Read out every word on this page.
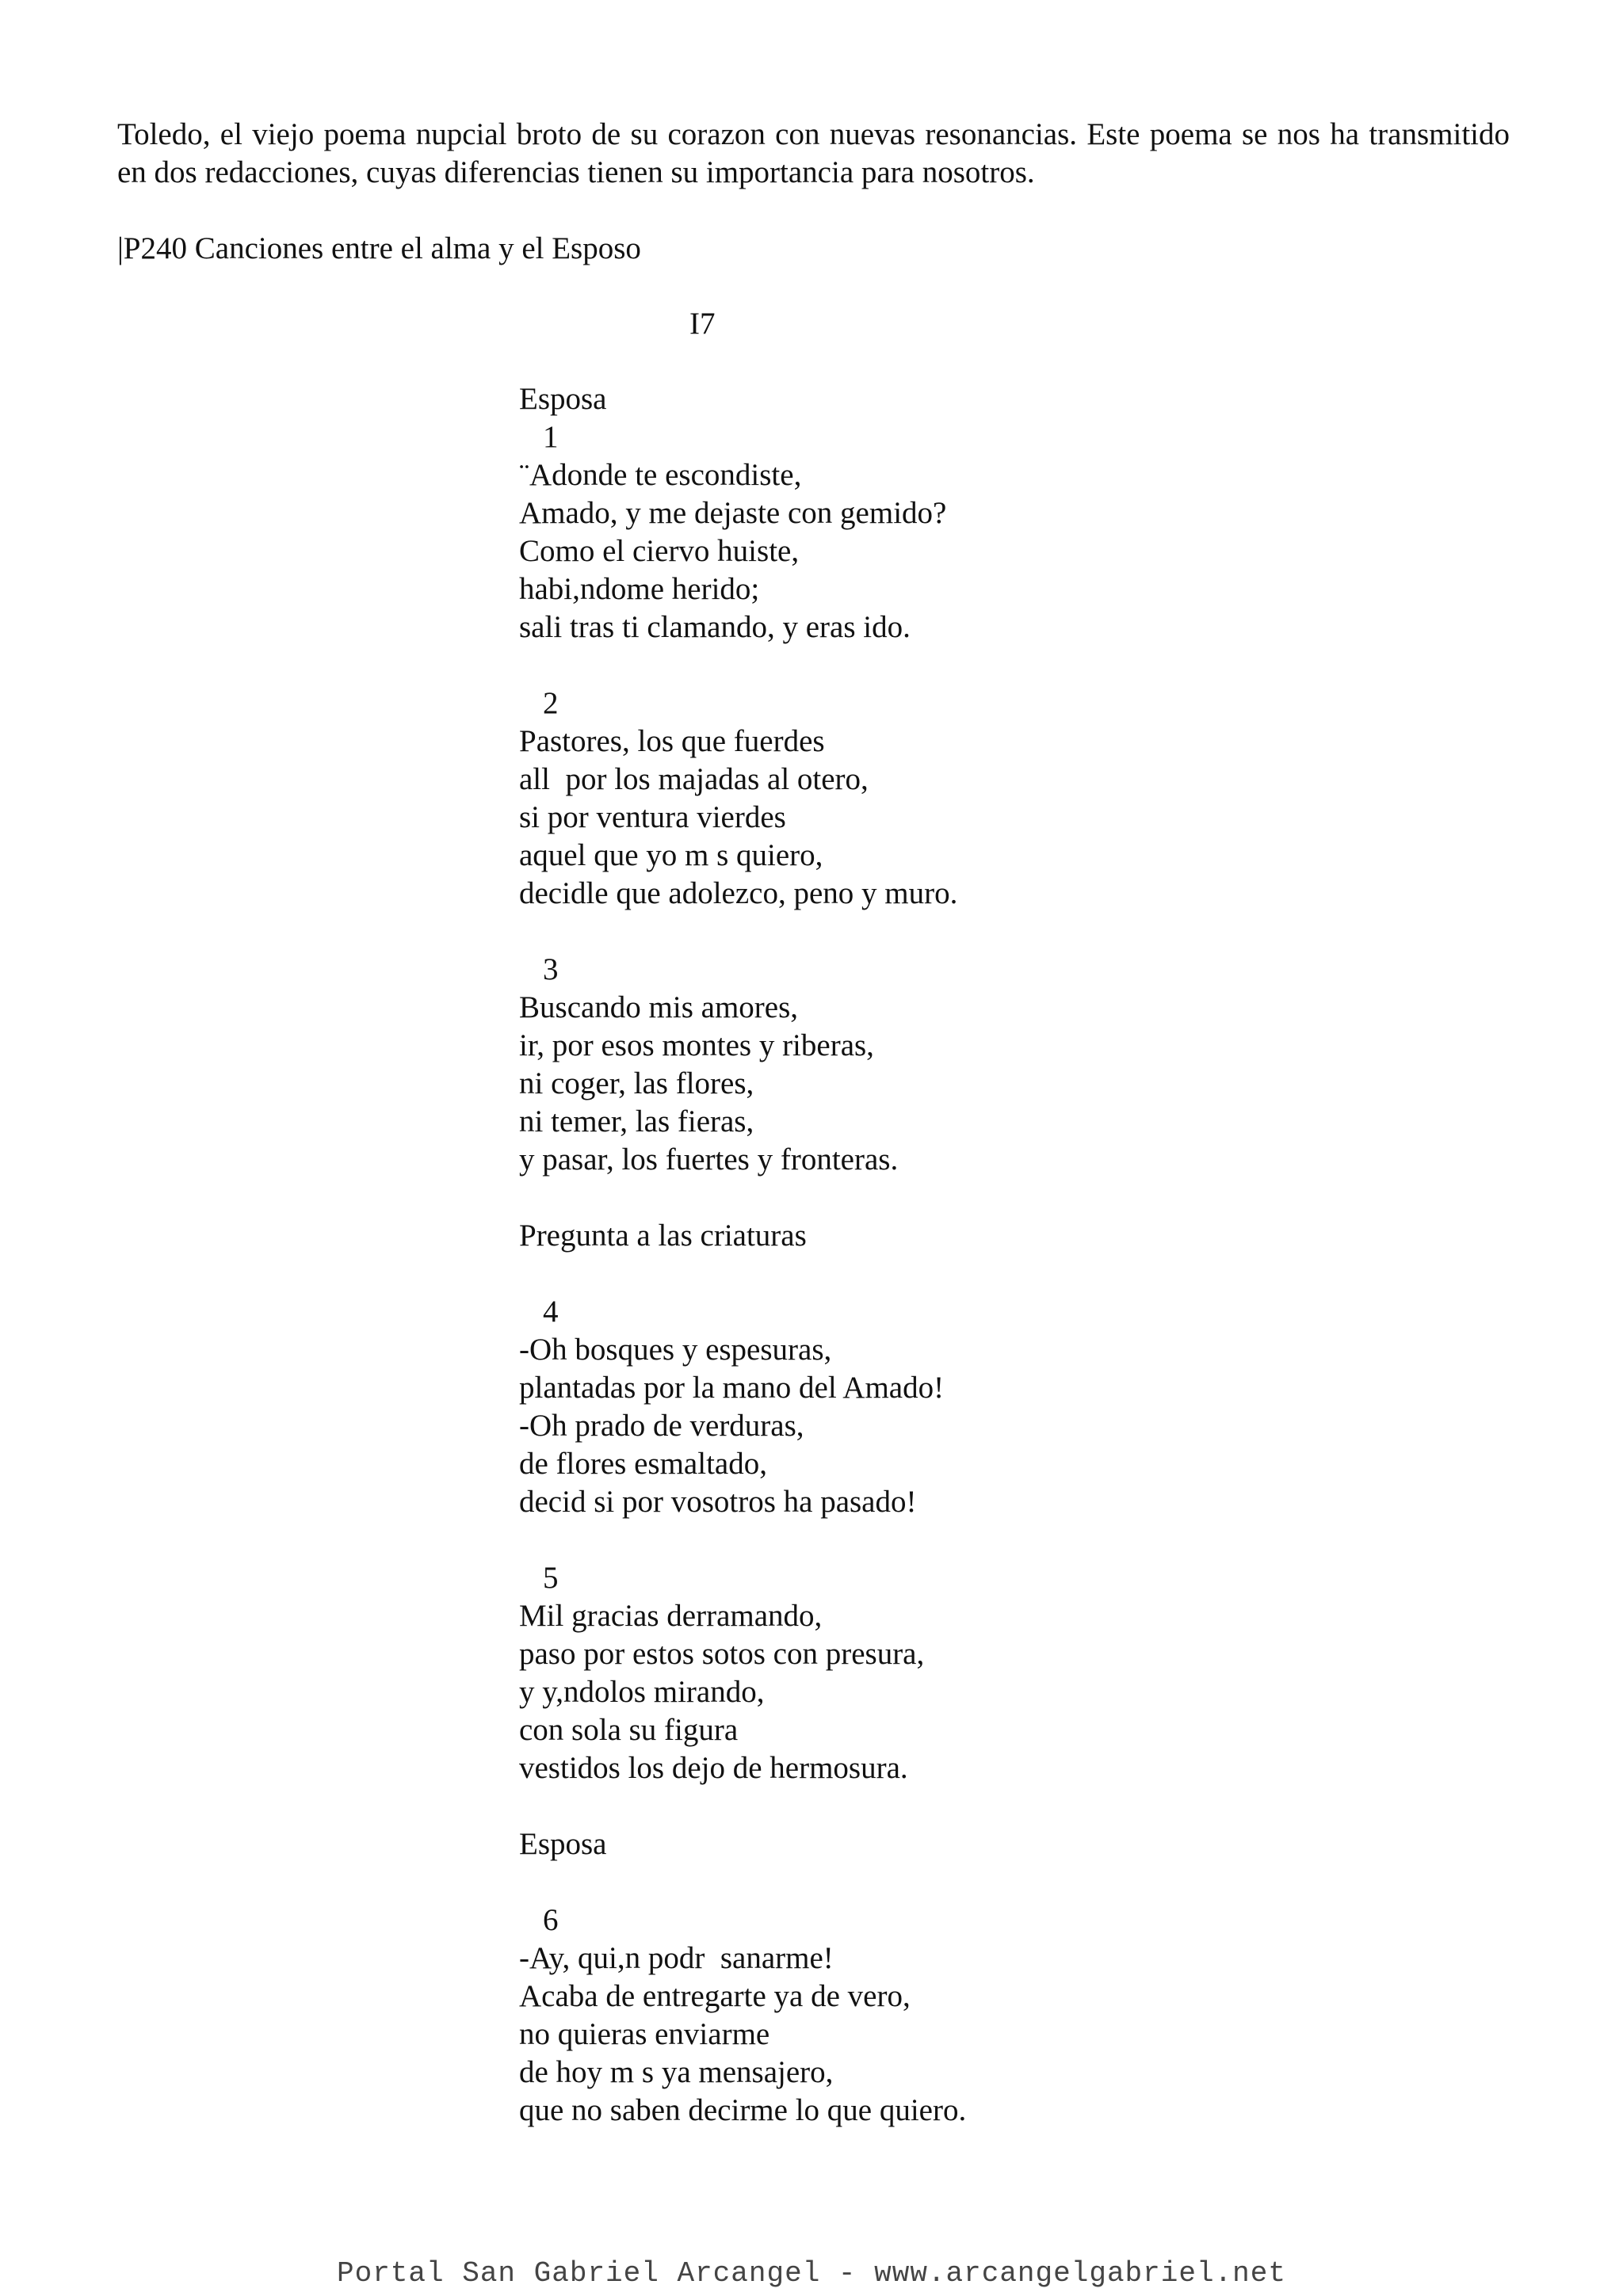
Toledo, el viejo poema nupcial broto de su corazon con nuevas resonancias. Este poema se nos ha transmitido en dos redacciones, cuyas diferencias tienen su importancia para nosotros.

|P240 Canciones entre el alma y el Esposo

I7

Esposa
1
¨Adonde te escondiste,
Amado, y me dejaste con gemido?
Como el ciervo huiste,
habi,ndome herido;
sali tras ti clamando, y eras ido.
2
Pastores, los que fuerdes
all  por los majadas al otero,
si por ventura vierdes
aquel que yo m s quiero,
decidle que adolezco, peno y muro.
3
Buscando mis amores,
ir, por esos montes y riberas,
ni coger, las flores,
ni temer, las fieras,
y pasar, los fuertes y fronteras.
Pregunta a las criaturas
4
-Oh bosques y espesuras,
plantadas por la mano del Amado!
-Oh prado de verduras,
de flores esmaltado,
decid si por vosotros ha pasado!
5
Mil gracias derramando,
paso por estos sotos con presura,
y y,ndolos mirando,
con sola su figura
vestidos los dejo de hermosura.
Esposa
6
-Ay, qui,n podr  sanarme!
Acaba de entregarte ya de vero,
no quieras enviarme
de hoy m s ya mensajero,
que no saben decirme lo que quiero.
Portal San Gabriel Arcangel - www.arcangelgabriel.net
